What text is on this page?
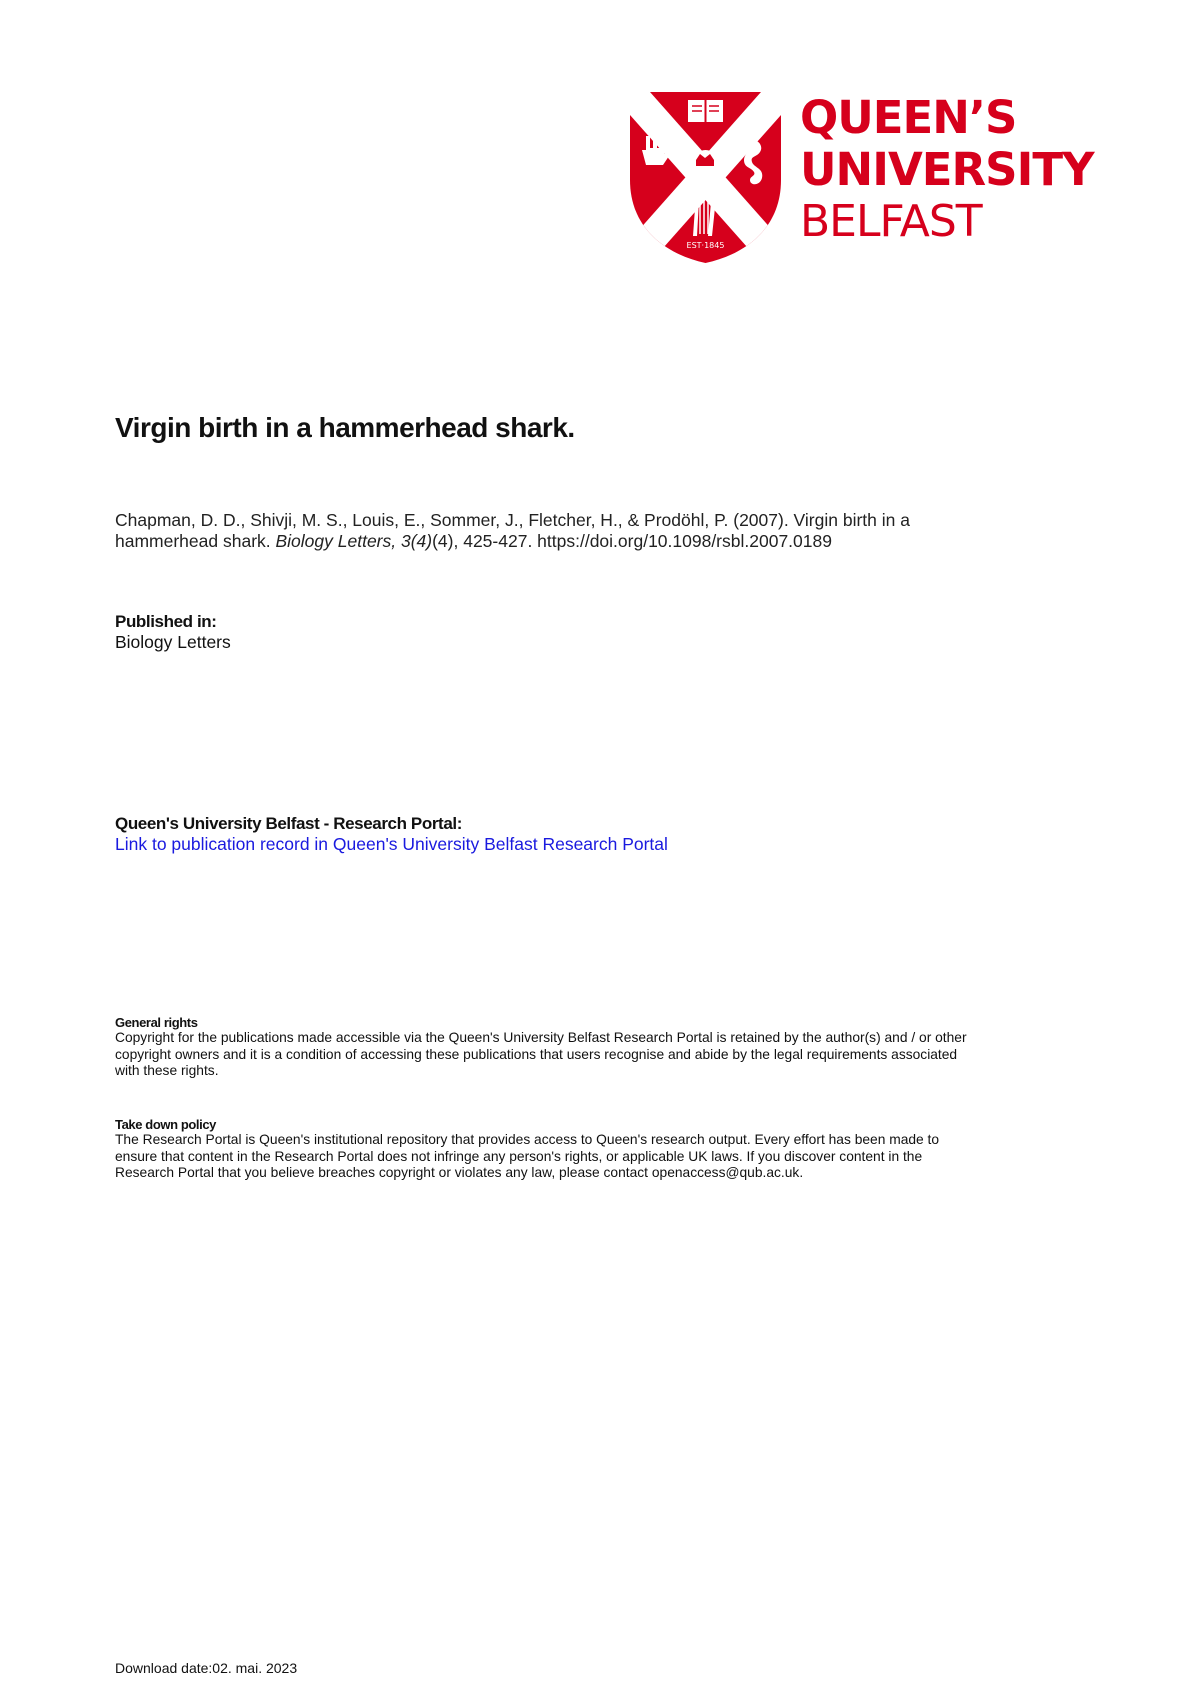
EST·1845
QUEEN’S
UNIVERSITY
BELFAST
Virgin birth in a hammerhead shark.
Chapman, D. D., Shivji, M. S., Louis, E., Sommer, J., Fletcher, H., & Prodöhl, P. (2007). Virgin birth in a
hammerhead shark. Biology Letters, 3(4)(4), 425-427. https://doi.org/10.1098/rsbl.2007.0189
Published in:
Biology Letters
Queen's University Belfast - Research Portal:
Link to publication record in Queen's University Belfast Research Portal
General rights
Copyright for the publications made accessible via the Queen's University Belfast Research Portal is retained by the author(s) and / or other
copyright owners and it is a condition of accessing these publications that users recognise and abide by the legal requirements associated
with these rights.
Take down policy
The Research Portal is Queen's institutional repository that provides access to Queen's research output. Every effort has been made to
ensure that content in the Research Portal does not infringe any person's rights, or applicable UK laws. If you discover content in the
Research Portal that you believe breaches copyright or violates any law, please contact openaccess@qub.ac.uk.
Download date:02. mai. 2023
